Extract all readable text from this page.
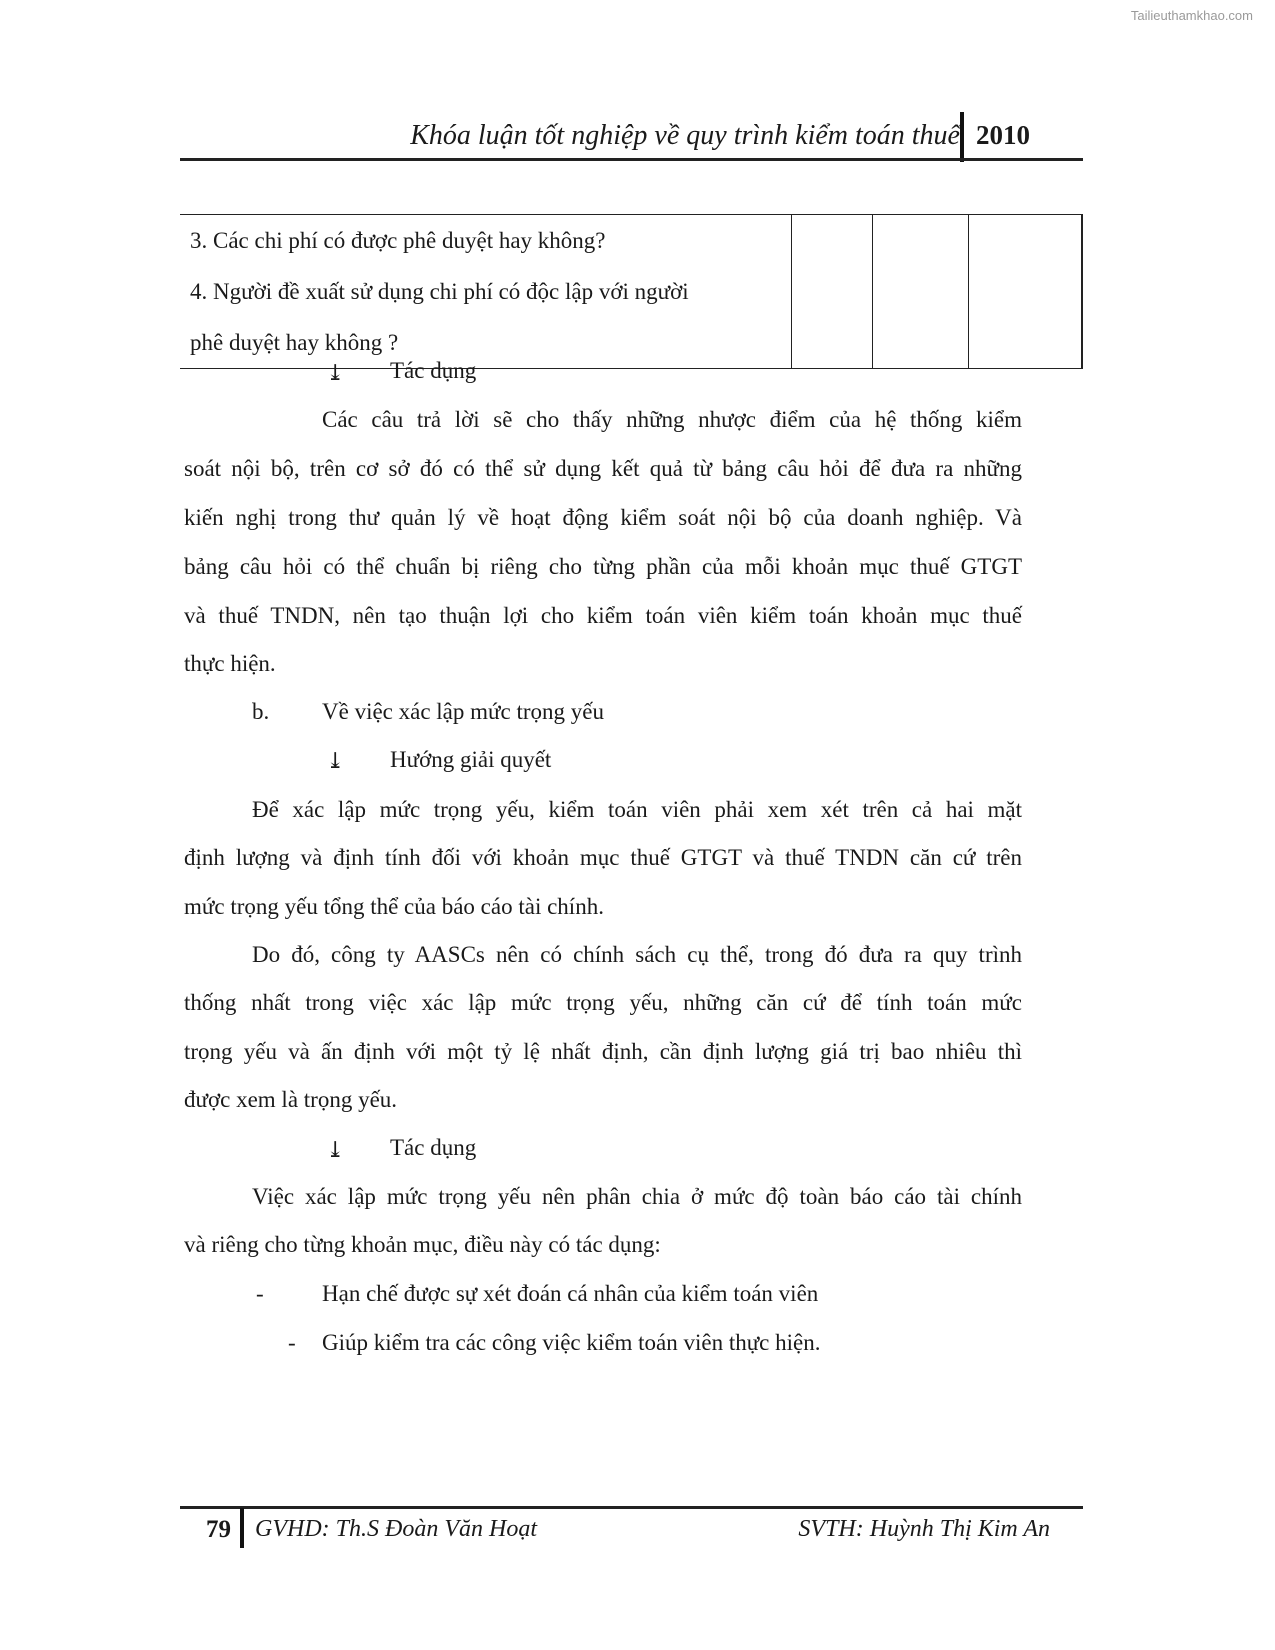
Tailieuthamkhao.com
Khóa luận tốt nghiệp về quy trình kiểm toán thuế 2010
3. Các chi phí có được phê duyệt hay không?
4. Người đề xuất sử dụng chi phí có độc lập với người
phê duyệt hay không ?

⤓ Tác dụng
Các câu trả lời sẽ cho thấy những nhược điểm của hệ thống kiểm
soát nội bộ, trên cơ sở đó có thể sử dụng kết quả từ bảng câu hỏi để đưa ra những
kiến nghị trong thư quản lý về hoạt động kiểm soát nội bộ của doanh nghiệp. Và
bảng câu hỏi có thể chuẩn bị riêng cho từng phần của mỗi khoản mục thuế GTGT
và thuế TNDN, nên tạo thuận lợi cho kiểm toán viên kiểm toán khoản mục thuế
thực hiện.
b. Về việc xác lập mức trọng yếu
⤓ Hướng giải quyết
Để xác lập mức trọng yếu, kiểm toán viên phải xem xét trên cả hai mặt
định lượng và định tính đối với khoản mục thuế GTGT và thuế TNDN căn cứ trên
mức trọng yếu tổng thể của báo cáo tài chính.
Do đó, công ty AASCs nên có chính sách cụ thể, trong đó đưa ra quy trình
thống nhất trong việc xác lập mức trọng yếu, những căn cứ để tính toán mức
trọng yếu và ấn định với một tỷ lệ nhất định, cần định lượng giá trị bao nhiêu thì
được xem là trọng yếu.
⤓ Tác dụng
Việc xác lập mức trọng yếu nên phân chia ở mức độ toàn báo cáo tài chính
và riêng cho từng khoản mục, điều này có tác dụng:
-	Hạn chế được sự xét đoán cá nhân của kiểm toán viên
- Giúp kiểm tra các công việc kiểm toán viên thực hiện.
79 GVHD: Th.S Đoàn Văn Hoạt	SVTH: Huỳnh Thị Kim An
